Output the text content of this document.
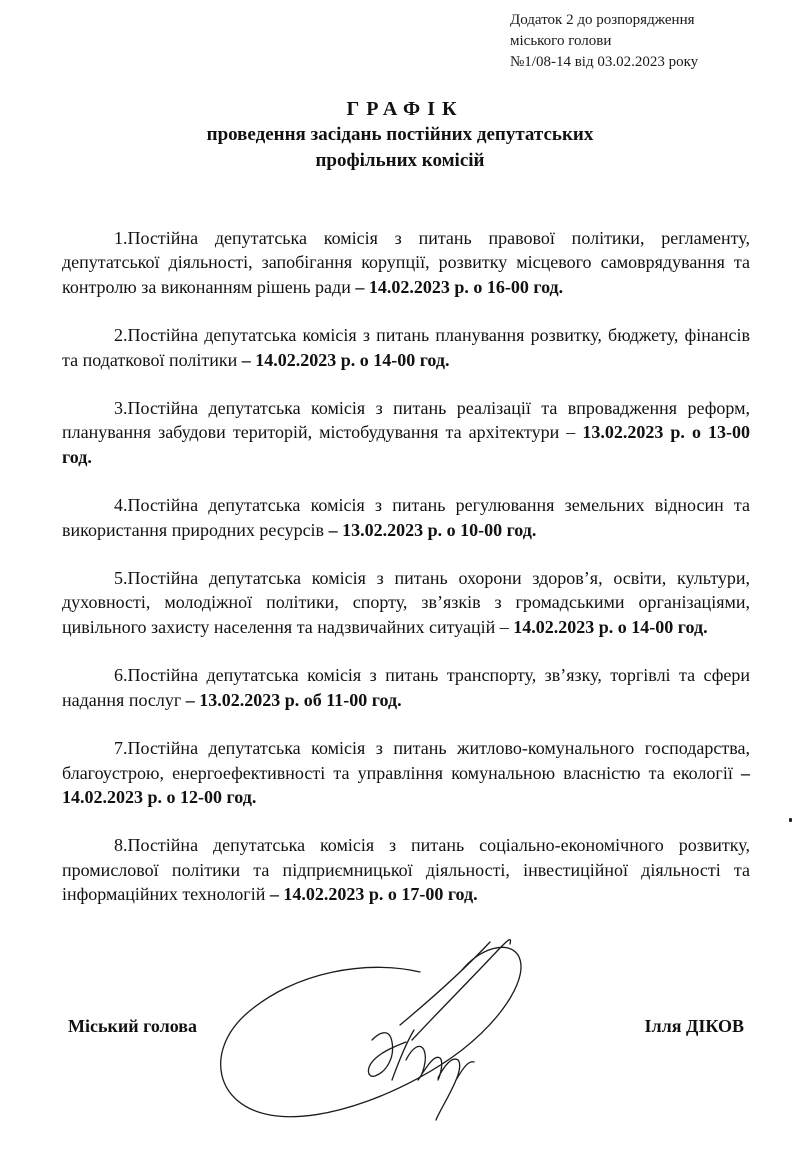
Додаток 2 до розпорядження
міського голови
№1/08-14 від 03.02.2023 року
ГРАФІК
проведення засідань постійних депутатських
профільних комісій

1.Постійна депутатська комісія з питань правової політики, регламенту, депутатської діяльності, запобігання корупції, розвитку місцевого самоврядування та контролю за виконанням рішень ради – 14.02.2023 р. о 16-00 год.

2.Постійна депутатська комісія з питань планування розвитку, бюджету, фінансів та податкової політики – 14.02.2023 р. о 14-00 год.

3.Постійна депутатська комісія з питань реалізації та впровадження реформ, планування забудови територій, містобудування та архітектури – 13.02.2023 р. о 13-00 год.

4.Постійна депутатська комісія з питань регулювання земельних відносин та використання природних ресурсів – 13.02.2023 р. о 10-00 год.

5.Постійна депутатська комісія з питань охорони здоров’я, освіти, культури, духовності, молодіжної політики, спорту, зв’язків з громадськими організаціями, цивільного захисту населення та надзвичайних ситуацій – 14.02.2023 р. о 14-00 год.

6.Постійна депутатська комісія з питань транспорту, зв’язку, торгівлі та сфери надання послуг – 13.02.2023 р. об 11-00 год.

7.Постійна депутатська комісія з питань житлово-комунального господарства, благоустрою, енергоефективності та управління комунальною власністю та екології – 14.02.2023 р. о 12-00 год.

8.Постійна депутатська комісія з питань соціально-економічного розвитку, промислової політики та підприємницької діяльності, інвестиційної діяльності та інформаційних технологій – 14.02.2023 р. о 17-00 год.

Міський голова	Ілля ДІКОВ
